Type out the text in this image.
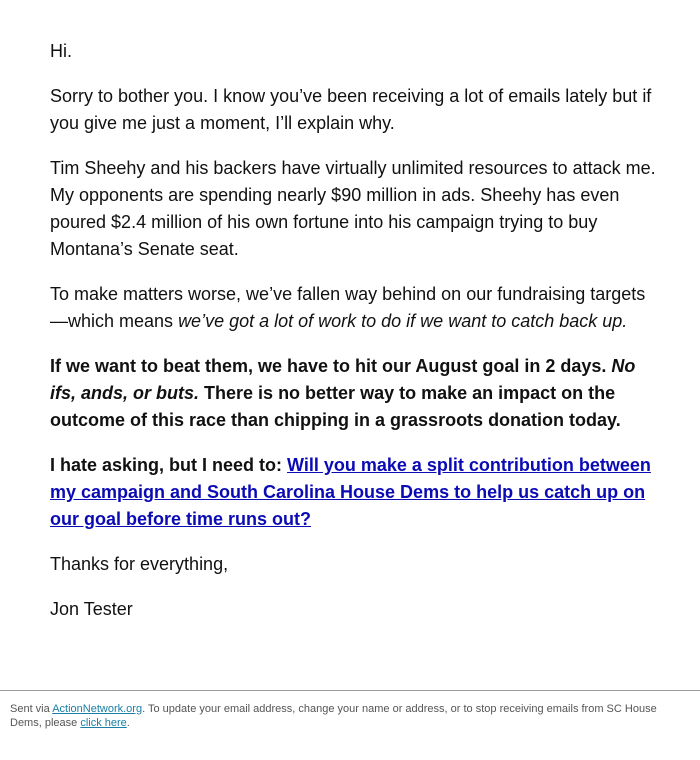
Hi.

Sorry to bother you. I know you’ve been receiving a lot of emails lately but if you give me just a moment, I’ll explain why.

Tim Sheehy and his backers have virtually unlimited resources to attack me. My opponents are spending nearly $90 million in ads. Sheehy has even poured $2.4 million of his own fortune into his campaign trying to buy Montana’s Senate seat.

To make matters worse, we’ve fallen way behind on our fundraising targets—which means we’ve got a lot of work to do if we want to catch back up.

If we want to beat them, we have to hit our August goal in 2 days. No ifs, ands, or buts. There is no better way to make an impact on the outcome of this race than chipping in a grassroots donation today.

I hate asking, but I need to: Will you make a split contribution between my campaign and South Carolina House Dems to help us catch up on our goal before time runs out?

Thanks for everything,

Jon Tester

Sent via ActionNetwork.org. To update your email address, change your name or address, or to stop receiving emails from SC House Dems, please click here.
